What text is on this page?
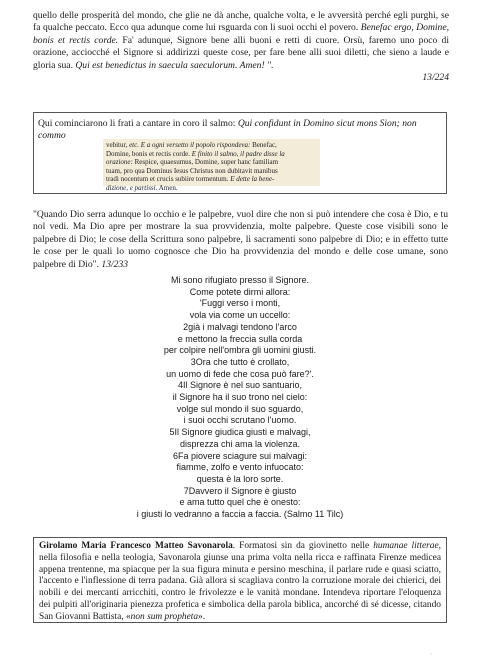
quello delle prosperità del mondo, che glie ne dà anche, qualche volta, e le avversità perché egli purghi, se fa qualche peccato. Ecco qua adunque come lui rsguarda con li suoi occhi el povero. Benefac ergo, Domine, bonis et rectis corde. Fa' adunque, Signore bene alli buoni e retti di cuore. Orsù, faremo uno poco di orazione, acciocché el Signore si addirizzi queste cose, per fare bene alli suoi diletti, che sieno a laude e gloria sua. Qui est benedictus in saecula saeculorum. Amen! ".
13/224
Qui cominciarono li frati a cantare in coro il salmo: Qui confidunt in Domino sicut mons Sion; non commo
vebitur, etc. E a ogni versetto il popolo rispondeva: Benefac,
Domine, bonis et rectis corde. E finito il salmo, il padre disse la
orazione: Respice, quaesumus, Domine, super hanc familiam
tuam, pro qua Dominus Iesus Christus non dubitavit manibus
tradi nocentum et crucis subiire tormentum. E dette la bene-
dizione, e partissi. Amen.
"Quando Dio serra adunque lo occhio e le palpebre, vuol dire che non si può intendere che cosa è Dio, e tu nol vedi. Ma Dio apre per mostrare la sua provvidenzia, molte palpebre. Queste cose visibili sono le palpebre di Dio; le cose della Scrittura sono palpebre, li sacramenti sono palpebre di Dio; e in effetto tutte le cose per le quali lo uomo cognosce che Dio ha provvidenzia del mondo e delle cose umane, sono palpebre di Dio". 13/233
Mi sono rifugiato presso il Signore.
Come potete dirmi allora:
'Fuggi verso i monti,
vola via come un uccello:
2già i malvagi tendono l'arco
e mettono la freccia sulla corda
per colpire nell'ombra gli uomini giusti.
3Ora che tutto è crollato,
un uomo di fede che cosa può fare?'.
4Il Signore è nel suo santuario,
il Signore ha il suo trono nel cielo:
volge sul mondo il suo sguardo,
i suoi occhi scrutano l'uomo.
5Il Signore giudica giusti e malvagi,
disprezza chi ama la violenza.
6Fa piovere sciagure sui malvagi:
fiamme, zolfo e vento infuocato:
questa è la loro sorte.
7Davvero il Signore è giusto
e ama tutto quel che è onesto:
i giusti lo vedranno a faccia a faccia. (Salmo 11 Tilc)

Girolamo Maria Francesco Matteo Savonarola. Formatosi sin da giovinetto nelle humanae litterae, nella filosofia e nella teologia, Savonarola giunse una prima volta nella ricca e raffinata Firenze medicea appena trentenne, ma spiacque per la sua figura minuta e persino meschina, il parlare rude e quasi sciatto, l'accento e l'inflessione di terra padana. Già allora si scagliava contro la corruzione morale dei chierici, dei nobili e dei mercanti arricchiti, contro le frivolezze e le vanità mondane. Intendeva riportare l'eloquenza dei pulpiti all'originaria pienezza profetica e simbolica della parola biblica, ancorché di sé dicesse, citando San Giovanni Battista, «non sum propheta».

·
